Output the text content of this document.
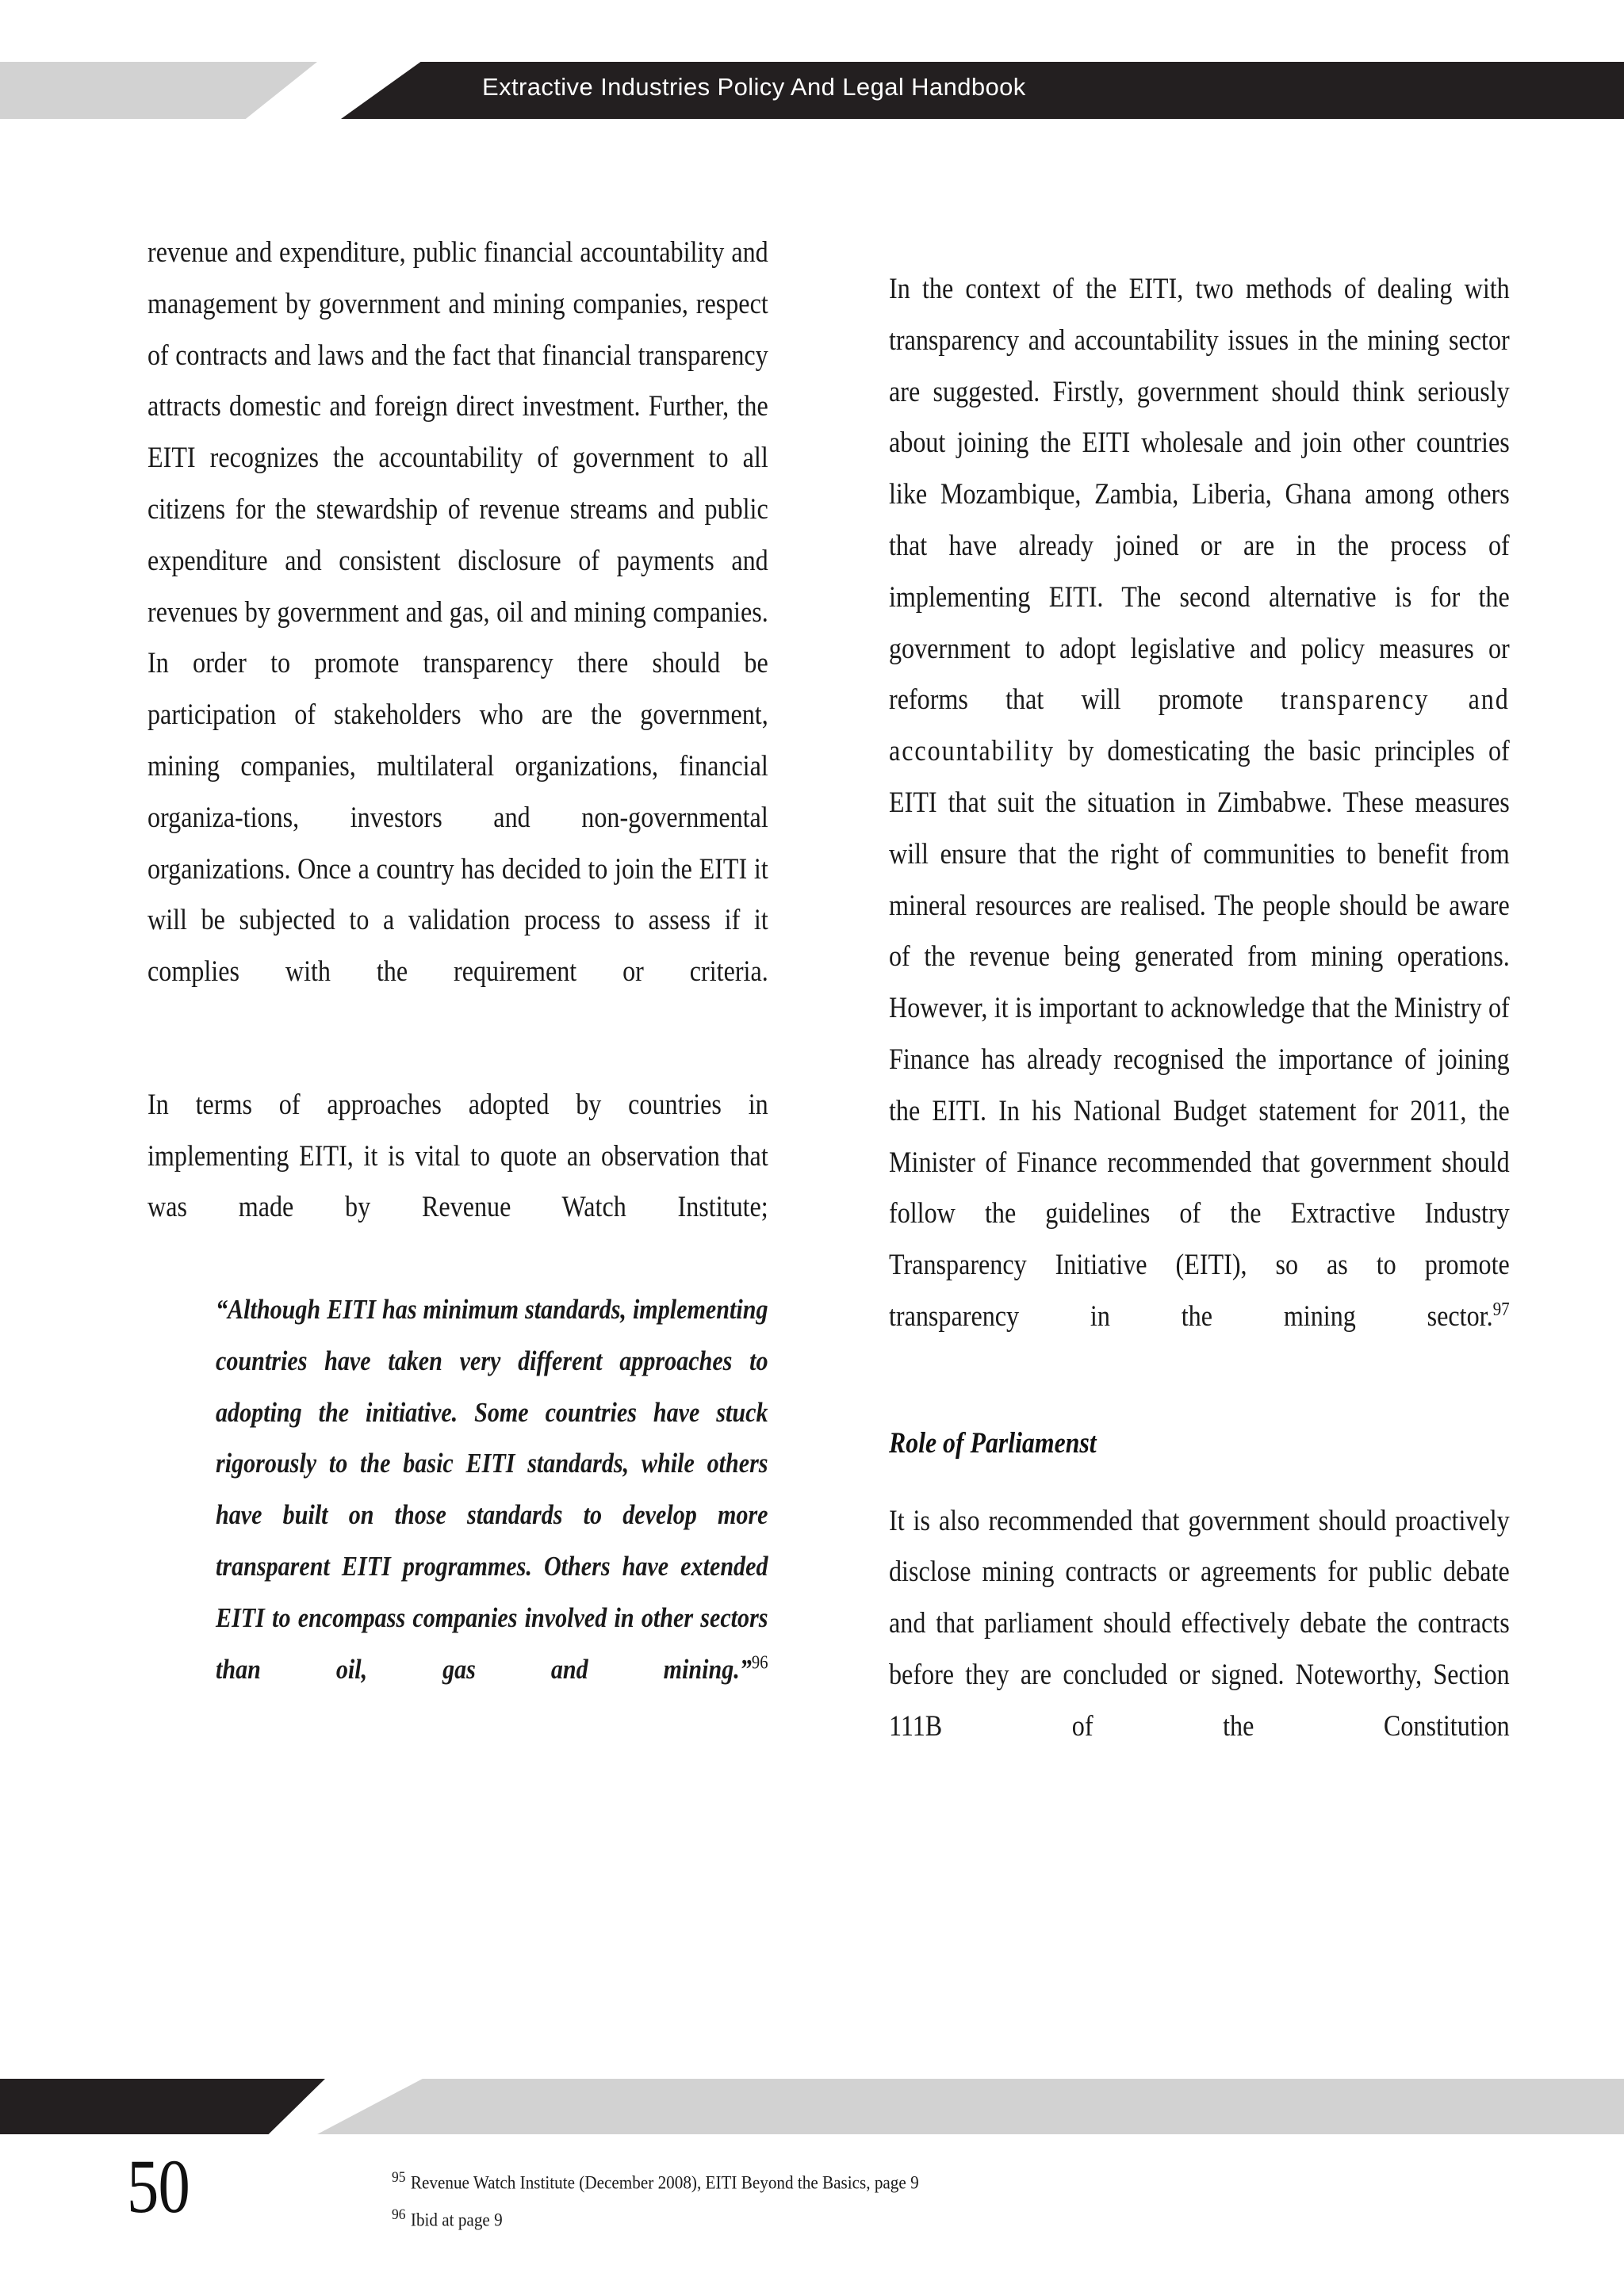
Extractive Industries Policy And Legal Handbook

revenue and expenditure, public financial accountability and management by government and mining companies, respect of contracts and laws and the fact that financial transparency attracts domestic and foreign direct investment. Further, the EITI recognizes the accountability of government to all citizens for the stewardship of revenue streams and public expenditure and consistent disclosure of payments and revenues by government and gas, oil and mining companies. In order to promote transparency there should be participation of stakeholders who are the government, mining companies, multilateral organizations, financial organiza-tions, investors and non-governmental organizations. Once a country has decided to join the EITI it will be subjected to a validation process to assess if it complies with the requirement or criteria.

In terms of approaches adopted by countries in implementing EITI, it is vital to quote an observation that was made by Revenue Watch Institute;

“Although EITI has minimum standards, implementing countries have taken very different approaches to adopting the initiative. Some countries have stuck rigorously to the basic EITI standards, while others have built on those standards to develop more transparent EITI programmes. Others have extended EITI to encompass companies involved in other sectors than oil, gas and mining.”$^{96}$

In the context of the EITI, two methods of dealing with transparency and accountability issues in the mining sector are suggested. Firstly, government should think seriously about joining the EITI wholesale and join other countries like Mozambique, Zambia, Liberia, Ghana among others that have already joined or are in the process of implementing EITI. The second alternative is for the government to adopt legislative and policy measures or reforms that will promote transparency and accountability by domesticating the basic principles of EITI that suit the situation in Zimbabwe. These measures will ensure that the right of communities to benefit from mineral resources are realised. The people should be aware of the revenue being generated from mining operations. However, it is important to acknowledge that the Ministry of Finance has already recognised the importance of joining the EITI. In his National Budget statement for 2011, the Minister of Finance recommended that government should follow the guidelines of the Extractive Industry Transparency Initiative (EITI), so as to promote transparency in the mining sector.$^{97}$

Role of Parliamenst

It is also recommended that government should proactively disclose mining contracts or agreements for public debate and that parliament should effectively debate the contracts before they are concluded or signed. Noteworthy, Section 111B of the Constitution

50	$^{95}$ Revenue Watch Institute (December 2008), EITI Beyond the Basics, page 9
$^{96}$ Ibid at page 9
